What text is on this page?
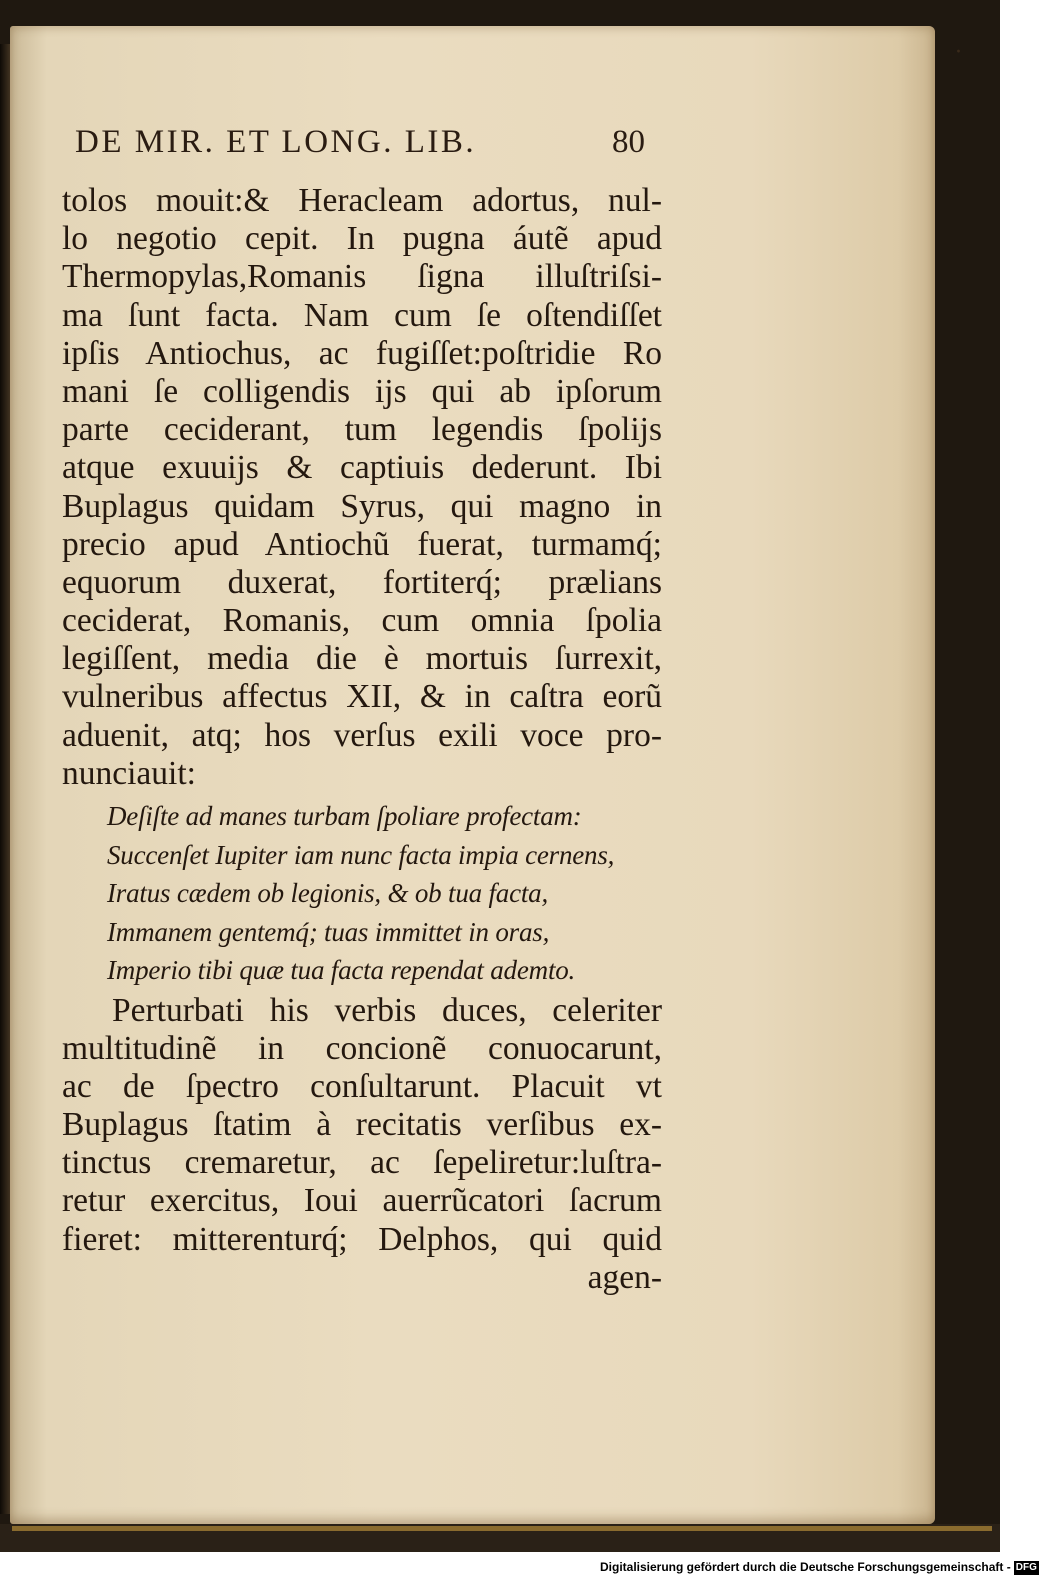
·
DE MIR. ET LONG. LIB.	80
tolos mouit:& Heracleam adortus, nul-
lo negotio cepit. In pugna áutẽ apud
Thermopylas,Romanis ſigna illuſtriſsi-
ma ſunt facta. Nam cum ſe oſtendiſſet
ipſis Antiochus, ac fugiſſet:poſtridie Ro
mani ſe colligendis ijs qui ab ipſorum
parte ceciderant, tum legendis ſpolijs
atque exuuijs & captiuis dederunt. Ibi
Buplagus quidam Syrus, qui magno in
precio apud Antiochũ fuerat, turmamq́;
equorum duxerat, fortiterq́; prælians
ceciderat, Romanis, cum omnia ſpolia
legiſſent, media die è mortuis ſurrexit,
vulneribus affectus XII, & in caſtra eorũ
aduenit, atq; hos verſus exili voce pro-
nunciauit:
Deſiſte ad manes turbam ſpoliare profectam:
Succenſet Iupiter iam nunc facta impia cernens,
Iratus cædem ob legionis, & ob tua facta,
Immanem gentemq́; tuas immittet in oras,
Imperio tibi quæ tua facta rependat ademto.
Perturbati his verbis duces, celeriter
multitudinẽ in concionẽ conuocarunt,
ac de ſpectro conſultarunt. Placuit vt
Buplagus ſtatim à recitatis verſibus ex-
tinctus cremaretur, ac ſepeliretur:luſtra-
retur exercitus, Ioui auerrũcatori ſacrum
fieret: mitterenturq́; Delphos, qui quid
agen-
Digitalisierung gefördert durch die Deutsche Forschungsgemeinschaft - DFG
